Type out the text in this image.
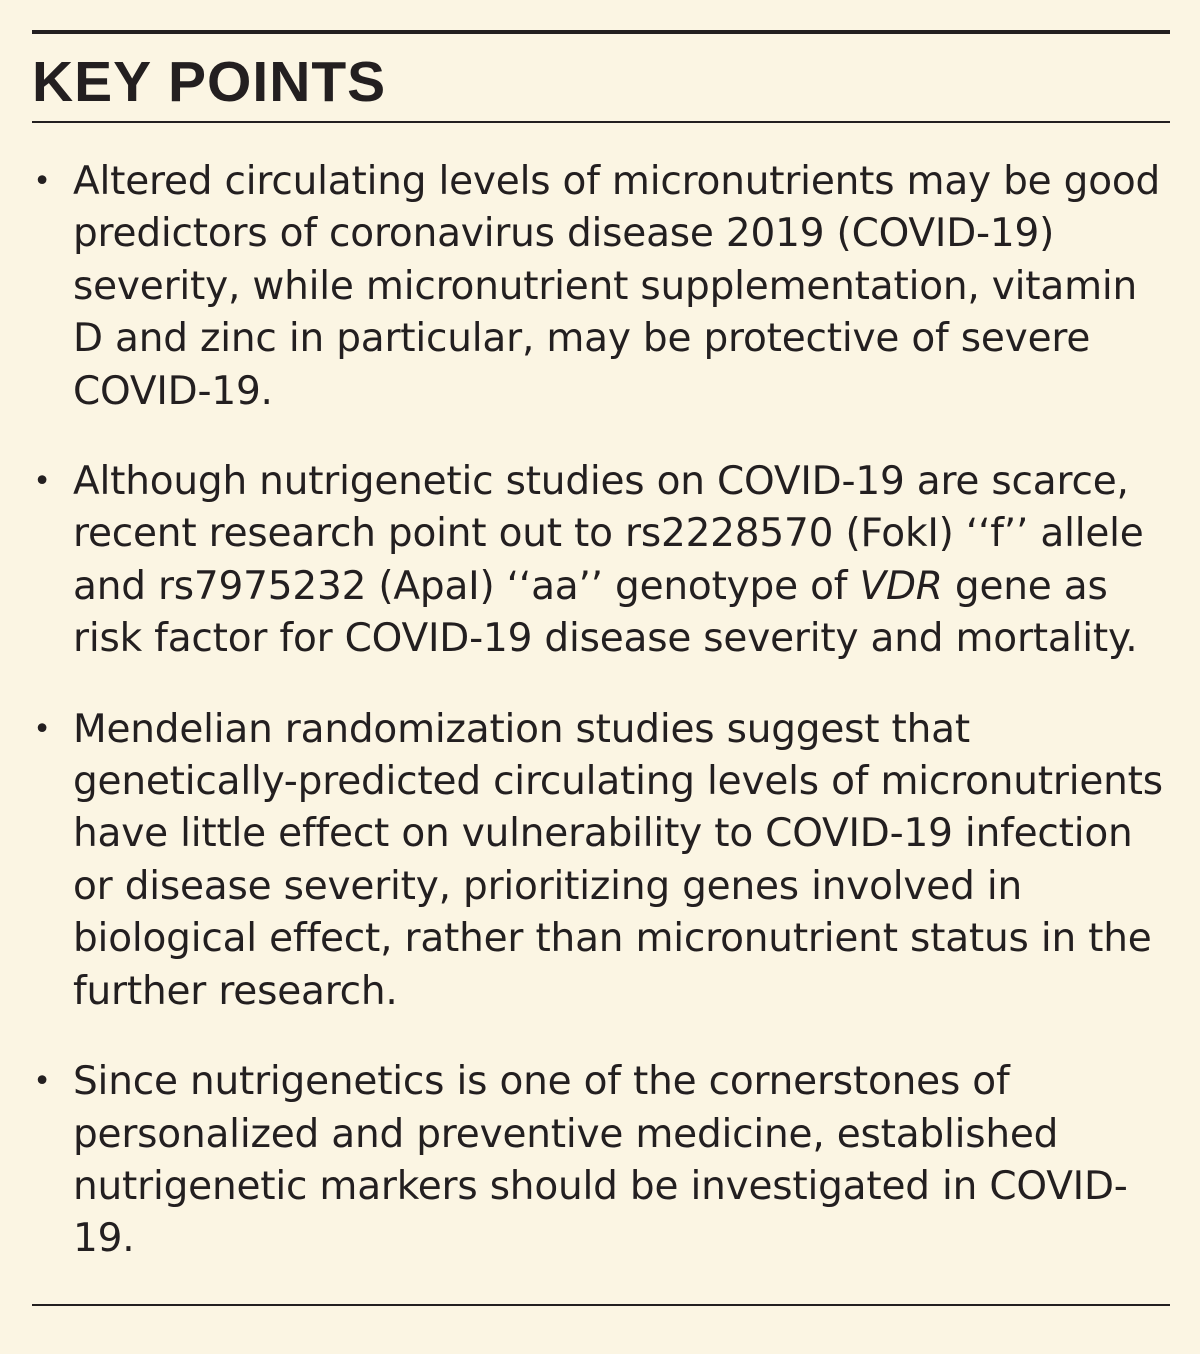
KEY POINTS
• Altered circulating levels of micronutrients may be good predictors of coronavirus disease 2019 (COVID-19) severity, while micronutrient supplementation, vitamin D and zinc in particular, may be protective of severe COVID-19.
• Although nutrigenetic studies on COVID-19 are scarce, recent research point out to rs2228570 (FokI) ‘‘f’’ allele and rs7975232 (ApaI) ‘‘aa’’ genotype of VDR gene as risk factor for COVID-19 disease severity and mortality.
• Mendelian randomization studies suggest that genetically-predicted circulating levels of micronutrients have little effect on vulnerability to COVID-19 infection or disease severity, prioritizing genes involved in biological effect, rather than micronutrient status in the further research.
• Since nutrigenetics is one of the cornerstones of personalized and preventive medicine, established nutrigenetic markers should be investigated in COVID-19.
